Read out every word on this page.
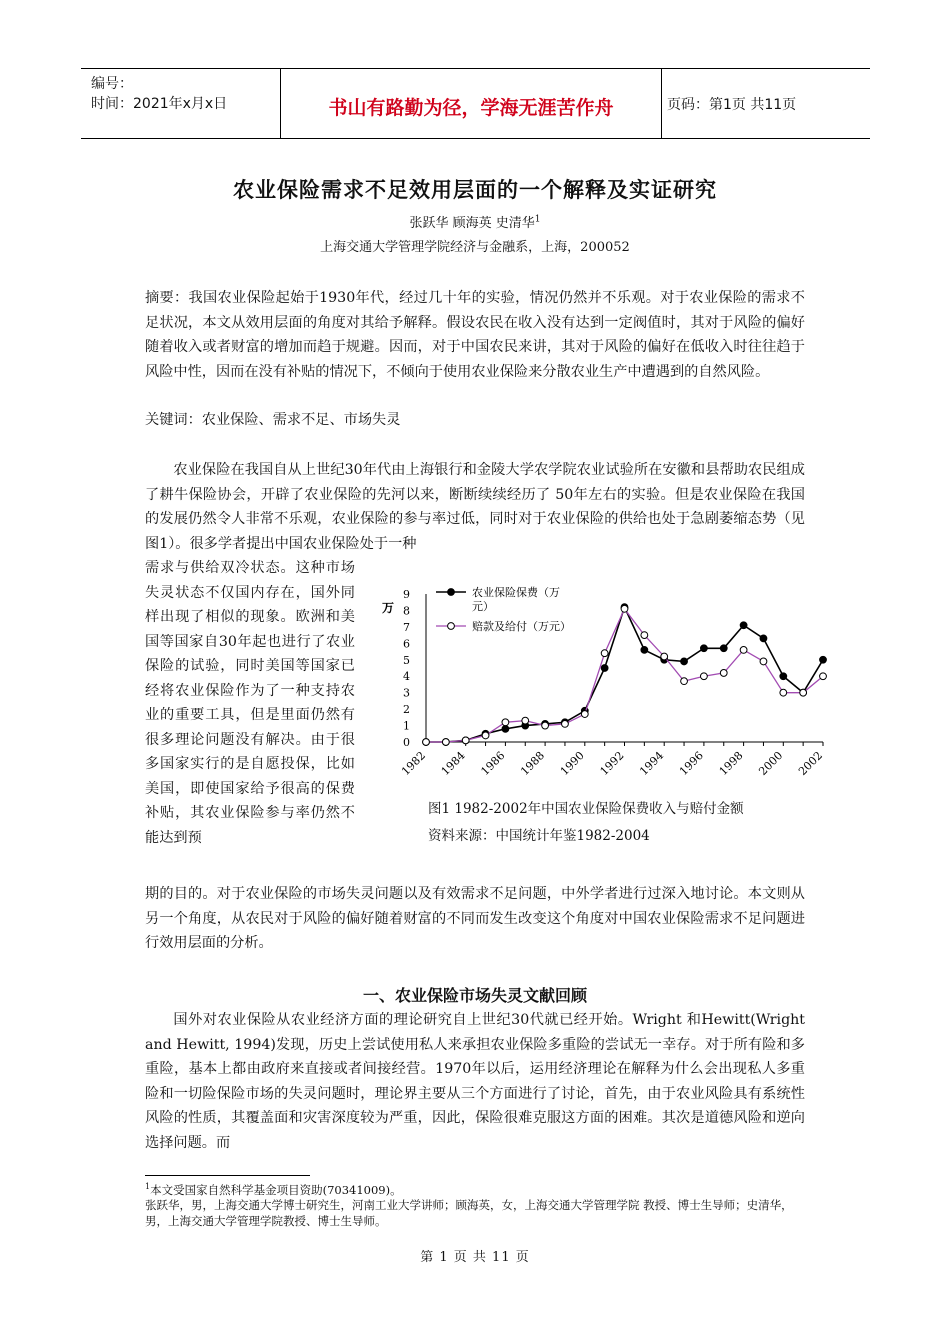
编号：
时间：2021年x月x日	书山有路勤为径，学海无涯苦作舟	页码：第1页 共11页
农业保险需求不足效用层面的一个解释及实证研究
张跃华 顾海英 史清华$^1$
上海交通大学管理学院经济与金融系，上海，200052
摘要：我国农业保险起始于1930年代，经过几十年的实验，情况仍然并不乐观。对于农业保险的需求不足状况，本文从效用层面的角度对其给予解释。假设农民在收入没有达到一定阀值时，其对于风险的偏好随着收入或者财富的增加而趋于规避。因而，对于中国农民来讲，其对于风险的偏好在低收入时往往趋于风险中性，因而在没有补贴的情况下，不倾向于使用农业保险来分散农业生产中遭遇到的自然风险。
关键词：农业保险、需求不足、市场失灵
农业保险在我国自从上世纪30年代由上海银行和金陵大学农学院农业试验所在安徽和县帮助农民组成了耕牛保险协会，开辟了农业保险的先河以来，断断续续经历了 50年左右的实验。但是农业保险在我国的发展仍然令人非常不乐观，农业保险的参与率过低，同时对于农业保险的供给也处于急剧萎缩态势（见图1）。很多学者提出中国农业保险处于一种
需求与供给双冷状态。这种市场失灵状态不仅国内存在，国外同样出现了相似的现象。欧洲和美国等国家自30年起也进行了农业保险的试验，同时美国等国家已经将农业保险作为了一种支持农业的重要工具，但是里面仍然有很多理论问题没有解决。由于很多国家实行的是自愿投保，比如美国，即使国家给予很高的保费补贴，其农业保险参与率仍然不能达到预
0
1
2
3
4
5
6
7
8
9
万
1982 1984 1986 1988 1990 1992 1994 1996 1998 2000 2002
农业保险保费（万
元）
赔款及给付（万元）
图1 1982-2002年中国农业保险保费收入与赔付金额
资料来源：中国统计年鉴1982-2004
期的目的。对于农业保险的市场失灵问题以及有效需求不足问题，中外学者进行过深入地讨论。本文则从另一个角度，从农民对于风险的偏好随着财富的不同而发生改变这个角度对中国农业保险需求不足问题进行效用层面的分析。
一、农业保险市场失灵文献回顾
国外对农业保险从农业经济方面的理论研究自上世纪30代就已经开始。Wright 和Hewitt(Wright and Hewitt, 1994)发现，历史上尝试使用私人来承担农业保险多重险的尝试无一幸存。对于所有险和多重险，基本上都由政府来直接或者间接经营。1970年以后，运用经济理论在解释为什么会出现私人多重险和一切险保险市场的失灵问题时，理论界主要从三个方面进行了讨论，首先，由于农业风险具有系统性风险的性质，其覆盖面和灾害深度较为严重，因此，保险很难克服这方面的困难。其次是道德风险和逆向选择问题。而
$^1$本文受国家自然科学基金项目资助(70341009)。
张跃华，男，上海交通大学博士研究生，河南工业大学讲师；顾海英，女，上海交通大学管理学院 教授、博士生导师；史清华，男，上海交通大学管理学院教授、博士生导师。
第 1 页 共 11 页
